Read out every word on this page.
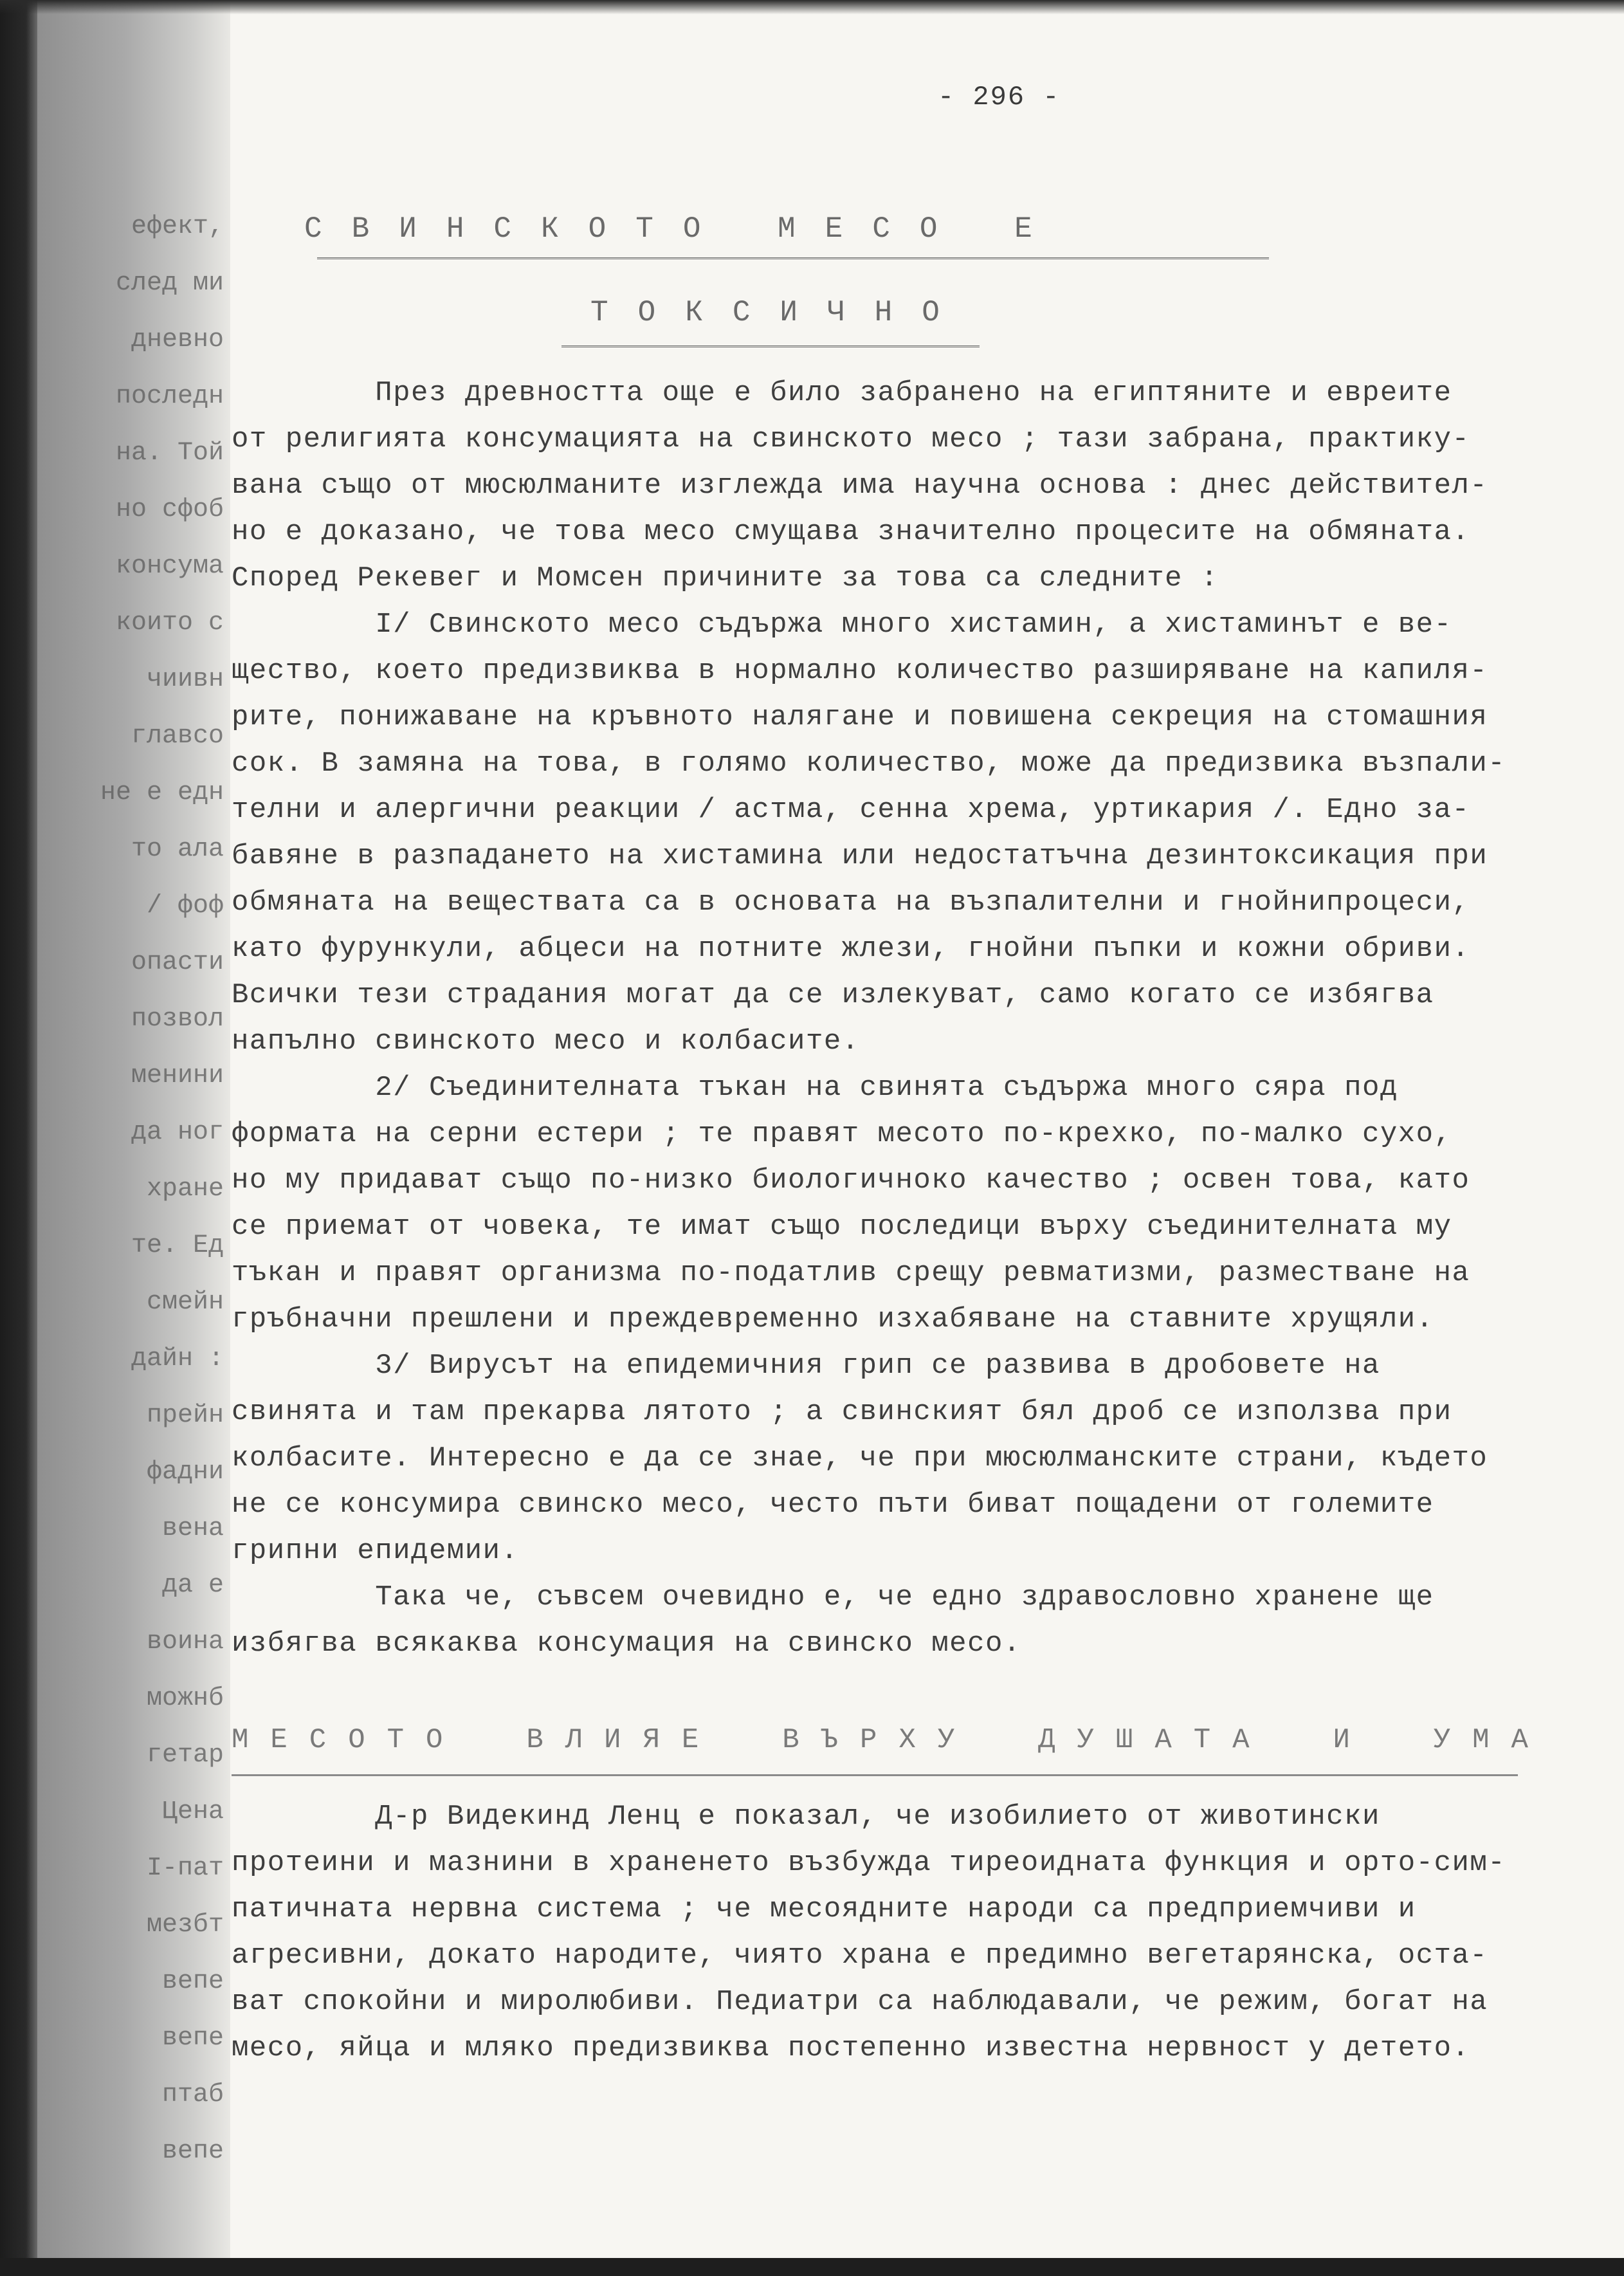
ефект,
след ми
дневно
последн
на. Той
но сфоб
консума
които с
чиивн
главсо
не е едн
то ала
/ фоф
опасти
позвол
менини
да ног
хране
те. Ед
смейн
дайн :
прейн
фадни
вена
да е
воина
можнб
гетар
Цена
I-пат
мезбт
вепе
вепе
птаб
вепе
- 296 -
СВИНСКОТО МЕСО Е
ТОКСИЧНО
През древността още е било забранено на египтяните и евреите
от религията консумацията на свинското месо ; тази забрана, практику-
вана също от мюсюлманите изглежда има научна основа : днес действител-
но е доказано, че това месо смущава значително процесите на обмяната.
Според Рекевег и Момсен причините за това са следните :
I/ Свинското месо съдържа много хистамин, а хистаминът е ве-
щество, което предизвиква в нормално количество разширяване на капиля-
рите, понижаване на кръвното налягане и повишена секреция на стомашния
сок. В замяна на това, в голямо количество, може да предизвика възпали-
телни и алергични реакции / астма, сенна хрема, уртикария /. Едно за-
бавяне в разпадането на хистамина или недостатъчна дезинтоксикация при
обмяната на веществата са в основата на възпалителни и гнойнипроцеси,
като фурункули, абцеси на потните жлези, гнойни пъпки и кожни обриви.
Всички тези страдания могат да се излекуват, само когато се избягва
напълно свинското месо и колбасите.
2/ Съединителната тъкан на свинята съдържа много сяра под
формата на серни естери ; те правят месото по-крехко, по-малко сухо,
но му придават също по-низко биологичноко качество ; освен това, като
се приемат от човека, те имат също последици върху съединителната му
тъкан и правят организма по-податлив срещу ревматизми, разместване на
гръбначни прешлени и преждевременно изхабяване на ставните хрущяли.
3/ Вирусът на епидемичния грип се развива в дробовете на
свинята и там прекарва лятото ; а свинският бял дроб се използва при
колбасите. Интересно е да се знае, че при мюсюлманските страни, където
не се консумира свинско месо, често пъти биват пощадени от големите
грипни епидемии.
Така че, съвсем очевидно е, че едно здравословно хранене ще
избягва всякаква консумация на свинско месо.
МЕСОТО ВЛИЯЕ ВЪРХУ ДУШАТА И УМА
Д-р Видекинд Ленц е показал, че изобилието от животински
протеини и мазнини в храненето възбужда тиреоидната функция и орто-сим-
патичната нервна система ; че месоядните народи са предприемчиви и
агресивни, докато народите, чиято храна е предимно вегетарянска, оста-
ват спокойни и миролюбиви. Педиатри са наблюдавали, че режим, богат на
месо, яйца и мляко предизвиква постепенно известна нервност у детето.
